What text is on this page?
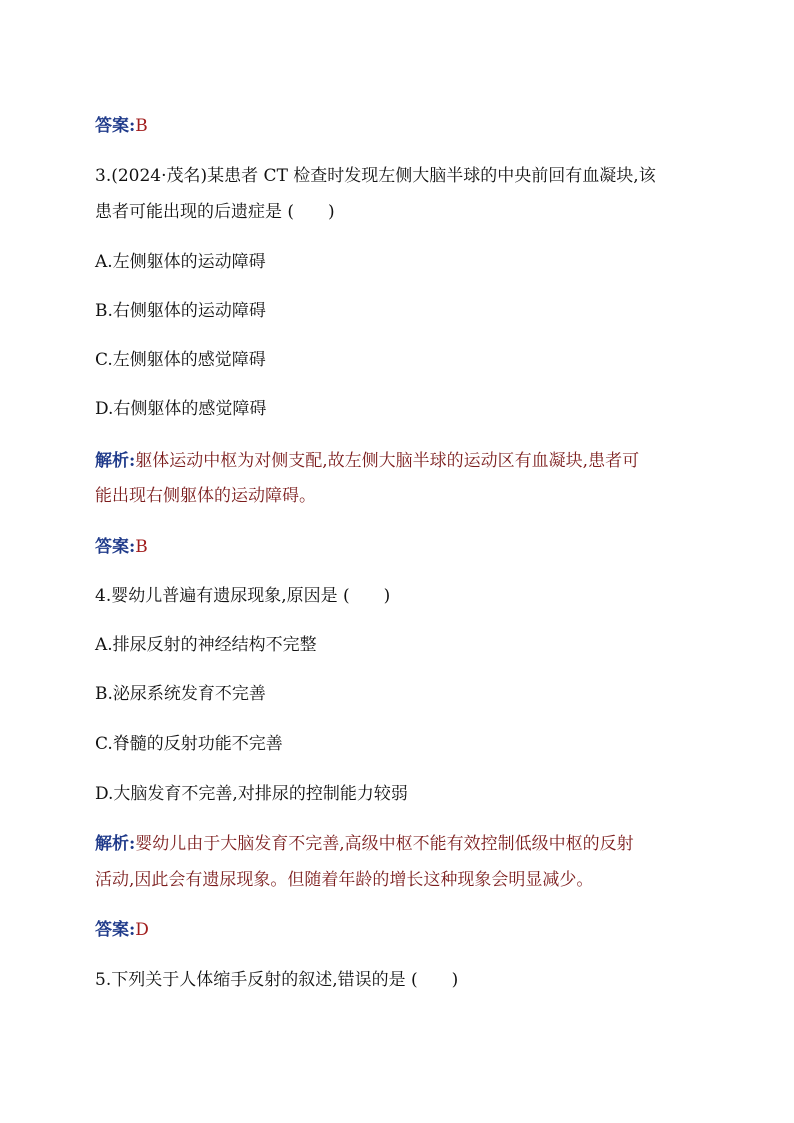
答案:B
3.(2024·茂名)某患者 CT 检查时发现左侧大脑半球的中央前回有血凝块,该
患者可能出现的后遗症是 (　　)
A.左侧躯体的运动障碍
B.右侧躯体的运动障碍
C.左侧躯体的感觉障碍
D.右侧躯体的感觉障碍
解析:躯体运动中枢为对侧支配,故左侧大脑半球的运动区有血凝块,患者可
能出现右侧躯体的运动障碍。
答案:B
4.婴幼儿普遍有遗尿现象,原因是 (　　)
A.排尿反射的神经结构不完整
B.泌尿系统发育不完善
C.脊髓的反射功能不完善
D.大脑发育不完善,对排尿的控制能力较弱
解析:婴幼儿由于大脑发育不完善,高级中枢不能有效控制低级中枢的反射
活动,因此会有遗尿现象。但随着年龄的增长这种现象会明显减少。
答案:D
5.下列关于人体缩手反射的叙述,错误的是 (　　)
